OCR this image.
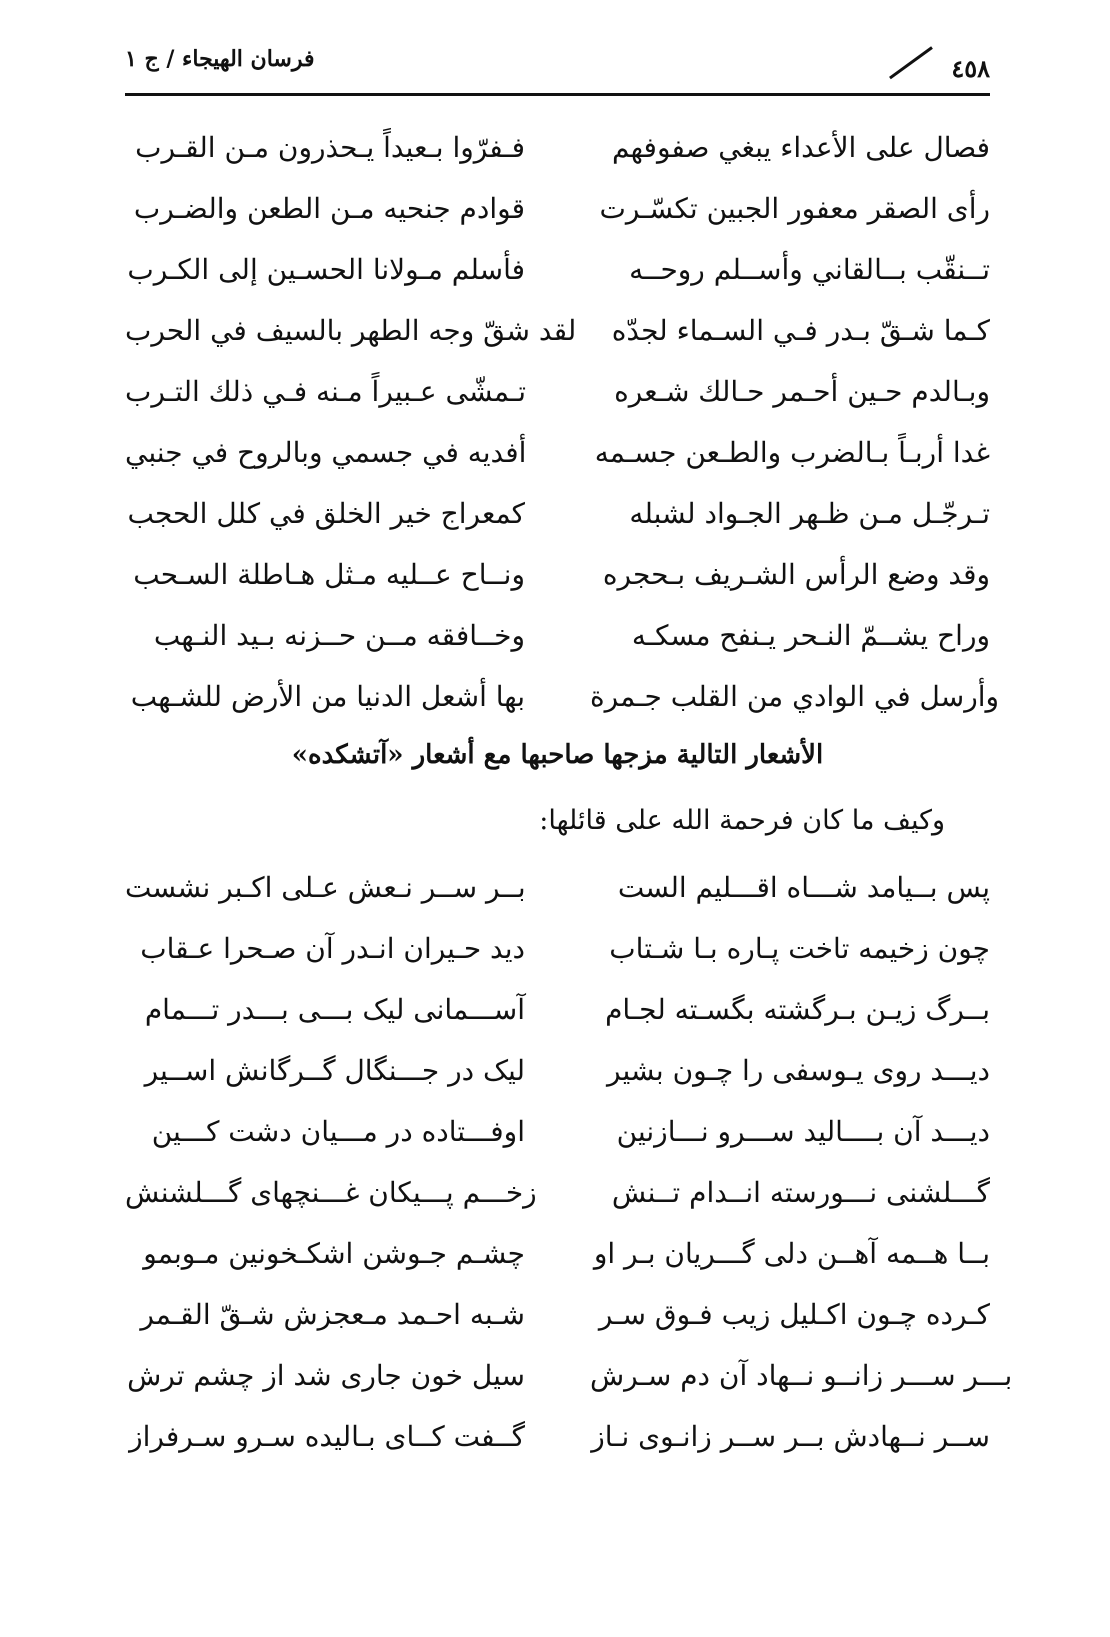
فرسان الهيجاء / ج ١	٤٥٨
فصال على الأعداء يبغي صفوفهم
فـفرّوا بـعيداً يـحذرون مـن القـرب
رأى الصقر معفور الجبين تكسّـرت
قوادم جنحيه مـن الطعن والضـرب
تــنقّب بــالقاني وأســلم روحــه
فأسلم مـولانا الحسـين إلى الكـرب
كـما شـقّ بـدر فـي السـماء لجدّه
لقد شقّ وجه الطهر بالسيف في الحرب
وبـالدم حـين أحـمر حـالك شـعره
تـمشّى عـبيراً مـنه فـي ذلك التـرب
غدا أربـاً بـالضرب والطـعن جسـمه
أفديه في جسمي وبالروح في جنبي
تـرجّـل مـن ظـهر الجـواد لشبله
كمعراج خير الخلق في كلل الحجب
وقد وضع الرأس الشـريف بـحجره
ونــاح عــليه مـثل هـاطلة السـحب
وراح يشــمّ النـحر يـنفح مسكـه
وخــافقه مــن حــزنه بـيد النـهب
وأرسل في الوادي من القلب جـمرة
بها أشعل الدنيا من الأرض للشـهب
الأشعار التالية مزجها صاحبها مع أشعار «آتشكده»
وكيف ما كان فرحمة الله على قائلها:
پس بــيامد شـــاه اقـــليم الست
بــر ســر نـعش عـلى اكـبر نشست
چون زخيمه تاخت پـاره بـا شـتاب
ديد حـيران انـدر آن صـحرا عـقاب
بــرگ زيـن بـرگشته بگسـته لجـام
آســـمانى ليک بـــى بـــدر تـــمام
ديـــد روى يـوسفى را چـون بشير
ليک در جـــنگال گــرگانش اســير
ديـــد آن بــــاليد ســـرو نـــازنين
اوفـــتاده در مـــيان دشت كـــين
گـــلشنى نـــورسته انــدام تــنش
زخـــم پـــيكان غـــنچهاى گـــلشنش
بــا هــمه آهــن دلى گـــريان بـر او
چشـم جـوشن اشكـخونين مـوبمو
كـرده چـون اكـليل زيب فـوق سـر
شـبه احـمد مـعجزش شـقّ القـمر
بـــر ســـر زانــو نــهاد آن دم سـرش
سيل خون جارى شد از چشم ترش
ســر نــهادش بــر ســر زانـوى نـاز
گــفت كــاى بـاليده سـرو سـرفراز
